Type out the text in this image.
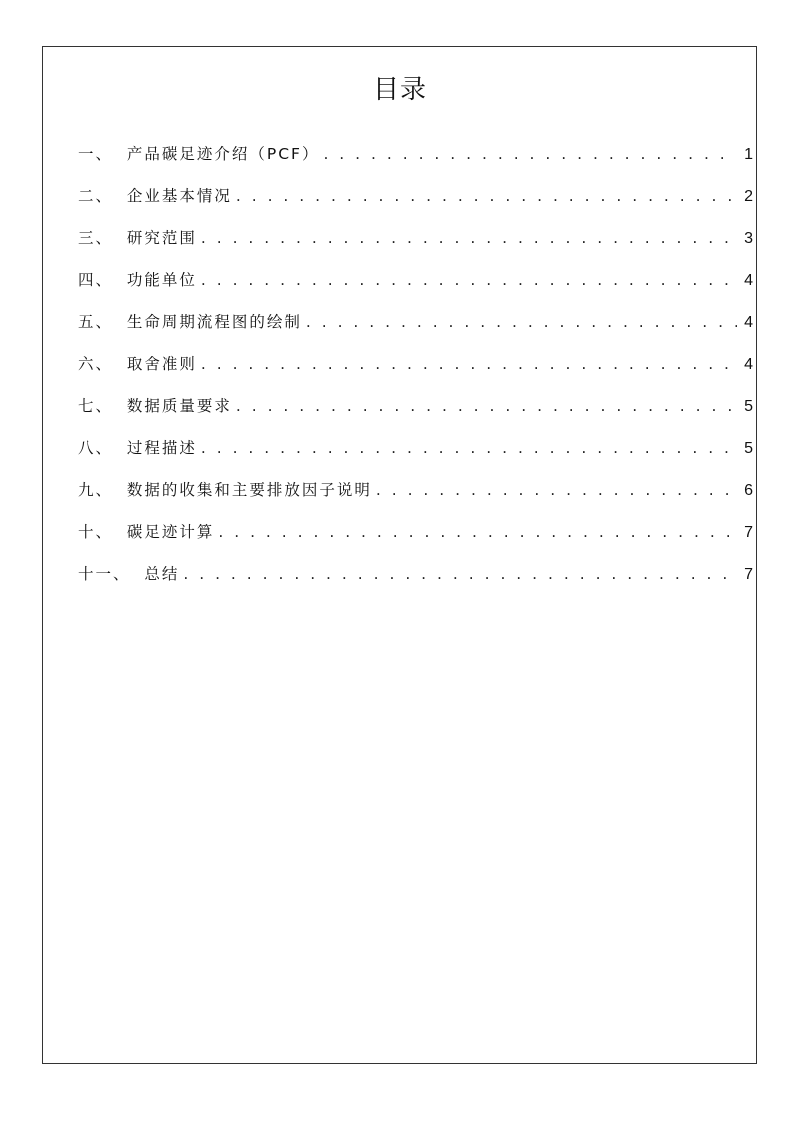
目录
一、 产品碳足迹介绍（PCF） . . .	1
二、 企业基本情况 . . .	2
三、 研究范围 . . .	3
四、 功能单位 . . .	4
五、 生命周期流程图的绘制 . . .	4
六、 取舍准则 . . .	4
七、 数据质量要求 . . .	5
八、 过程描述 . . .	5
九、 数据的收集和主要排放因子说明 . . .	6
十、 碳足迹计算 . . .	7
十一、 总结 . . .	7
